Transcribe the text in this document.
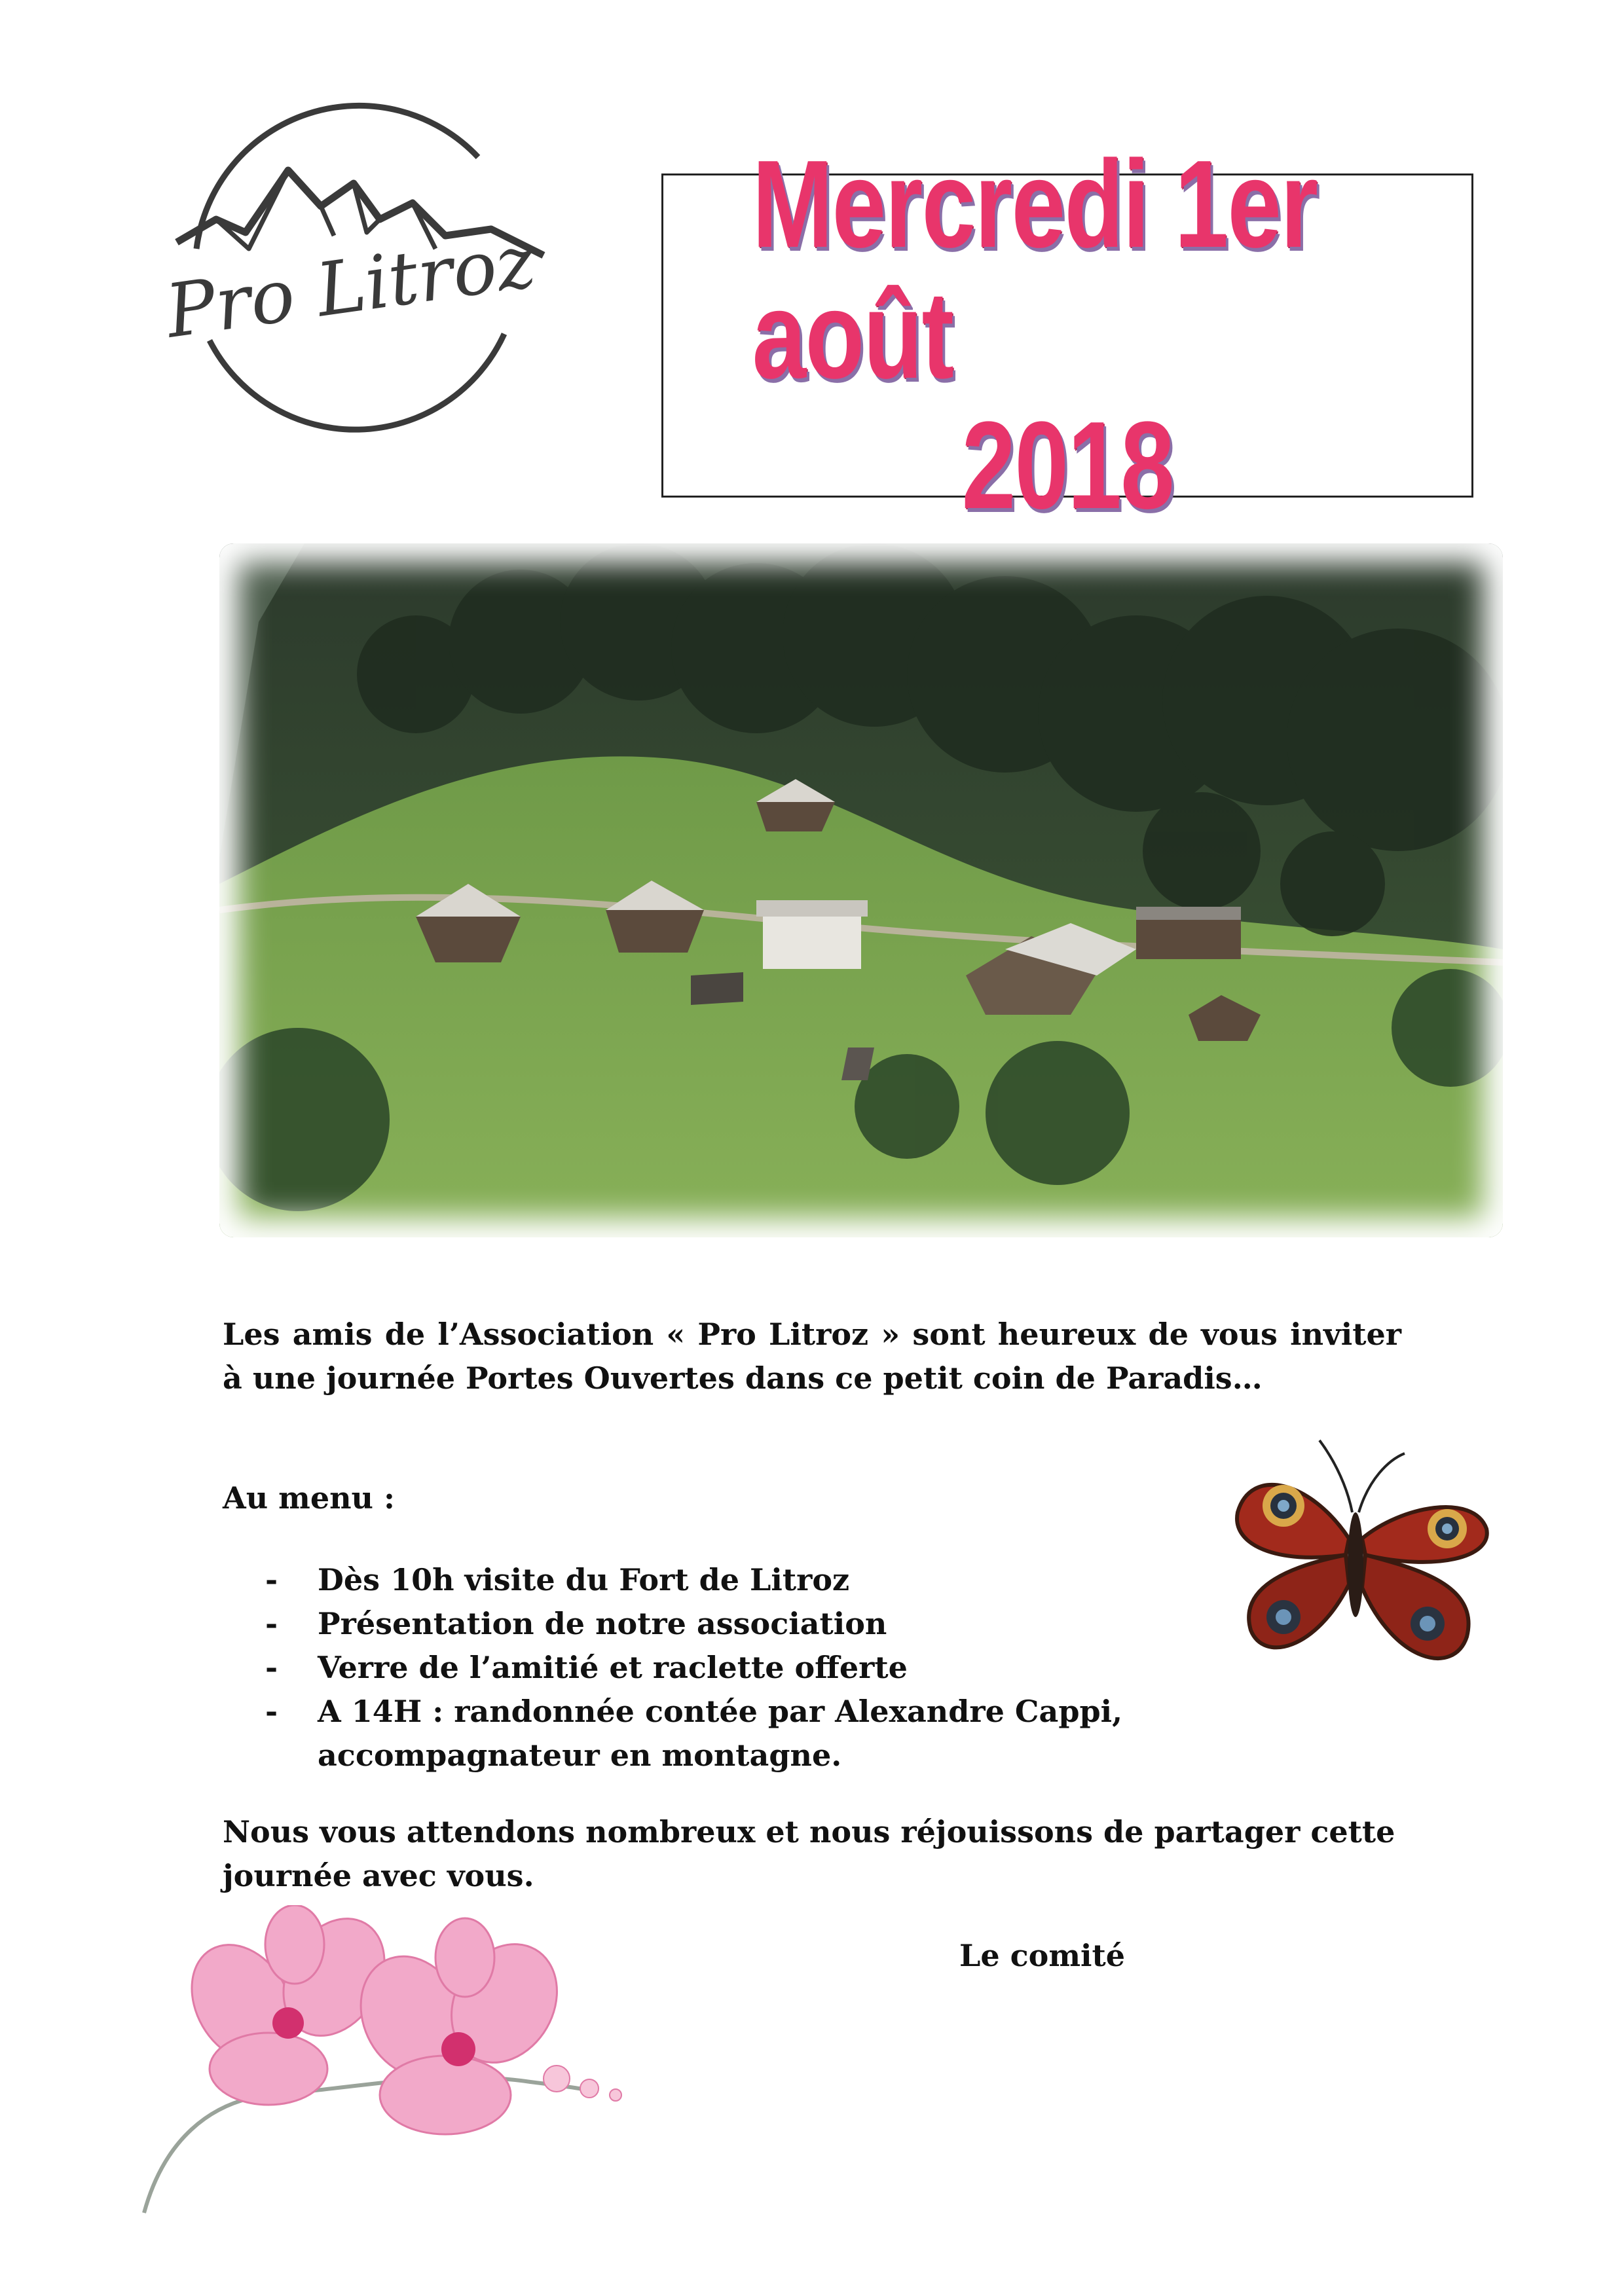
Pro Litroz
Mercredi 1er août
2018
Les amis de l’Association « Pro Litroz » sont heureux de vous inviter à une journée Portes Ouvertes dans ce petit coin de Paradis…
Au menu :
- Dès 10h visite du Fort de Litroz
- Présentation de notre association
- Verre de l’amitié et raclette offerte
- A 14H : randonnée contée par Alexandre Cappi, accompagnateur en montagne.
Nous vous attendons nombreux et nous réjouissons de partager cette journée avec vous.
Le comité
